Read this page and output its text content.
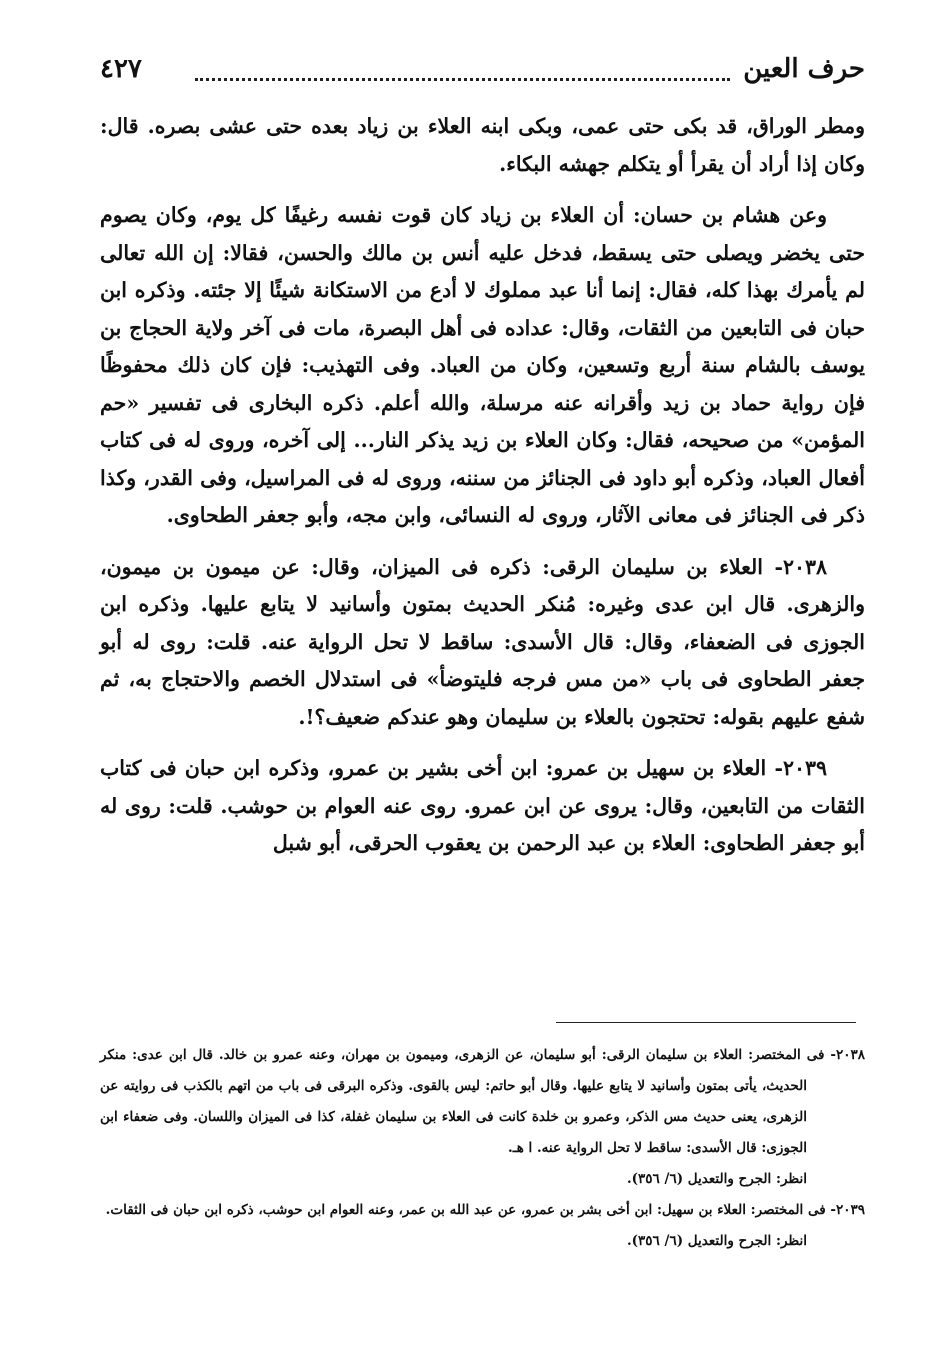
حرف العين
٤٢٧

ومطر الوراق، قد بكى حتى عمى، وبكى ابنه العلاء بن زياد بعده حتى عشى بصره. قال: وكان إذا أراد أن يقرأ أو يتكلم جهشه البكاء.

وعن هشام بن حسان: أن العلاء بن زياد كان قوت نفسه رغيفًا كل يوم، وكان يصوم حتى يخضر ويصلى حتى يسقط، فدخل عليه أنس بن مالك والحسن، فقالا: إن الله تعالى لم يأمرك بهذا كله، فقال: إنما أنا عبد مملوك لا أدع من الاستكانة شيئًا إلا جئته. وذكره ابن حبان فى التابعين من الثقات، وقال: عداده فى أهل البصرة، مات فى آخر ولاية الحجاج بن يوسف بالشام سنة أربع وتسعين، وكان من العباد. وفى التهذيب: فإن كان ذلك محفوظًا فإن رواية حماد بن زيد وأقرانه عنه مرسلة، والله أعلم. ذكره البخارى فى تفسير «حم المؤمن» من صحيحه، فقال: وكان العلاء بن زيد يذكر النار... إلى آخره، وروى له فى كتاب أفعال العباد، وذكره أبو داود فى الجنائز من سننه، وروى له فى المراسيل، وفى القدر، وكذا ذكر فى الجنائز فى معانى الآثار، وروى له النسائى، وابن مجه، وأبو جعفر الطحاوى.

٢٠٣٨- العلاء بن سليمان الرقى: ذكره فى الميزان، وقال: عن ميمون بن ميمون، والزهرى. قال ابن عدى وغيره: مُنكر الحديث بمتون وأسانيد لا يتابع عليها. وذكره ابن الجوزى فى الضعفاء، وقال: قال الأسدى: ساقط لا تحل الرواية عنه. قلت: روى له أبو جعفر الطحاوى فى باب «من مس فرجه فليتوضأ» فى استدلال الخصم والاحتجاج به، ثم شفع عليهم بقوله: تحتجون بالعلاء بن سليمان وهو عندكم ضعيف؟!.

٢٠٣٩- العلاء بن سهيل بن عمرو: ابن أخى بشير بن عمرو، وذكره ابن حبان فى كتاب الثقات من التابعين، وقال: يروى عن ابن عمرو. روى عنه العوام بن حوشب. قلت: روى له أبو جعفر الطحاوى: العلاء بن عبد الرحمن بن يعقوب الحرقى، أبو شبل

٢٠٣٨- فى المختصر: العلاء بن سليمان الرقى: أبو سليمان، عن الزهرى، وميمون بن مهران، وعنه عمرو بن خالد. قال ابن عدى: منكر الحديث، يأتى بمتون وأسانيد لا يتابع عليها. وقال أبو حاتم: ليس بالقوى. وذكره البرقى فى باب من اتهم بالكذب فى روايته عن الزهرى، يعنى حديث مس الذكر، وعمرو بن خلدة كانت فى العلاء بن سليمان غفلة، كذا فى الميزان واللسان. وفى ضعفاء ابن الجوزى: قال الأسدى: ساقط لا تحل الرواية عنه. ا هـ.

انظر: الجرح والتعديل (٦/ ٣٥٦).

٢٠٣٩- فى المختصر: العلاء بن سهيل: ابن أخى بشر بن عمرو، عن عبد الله بن عمر، وعنه العوام ابن حوشب، ذكره ابن حبان فى الثقات.

انظر: الجرح والتعديل (٦/ ٣٥٦).
